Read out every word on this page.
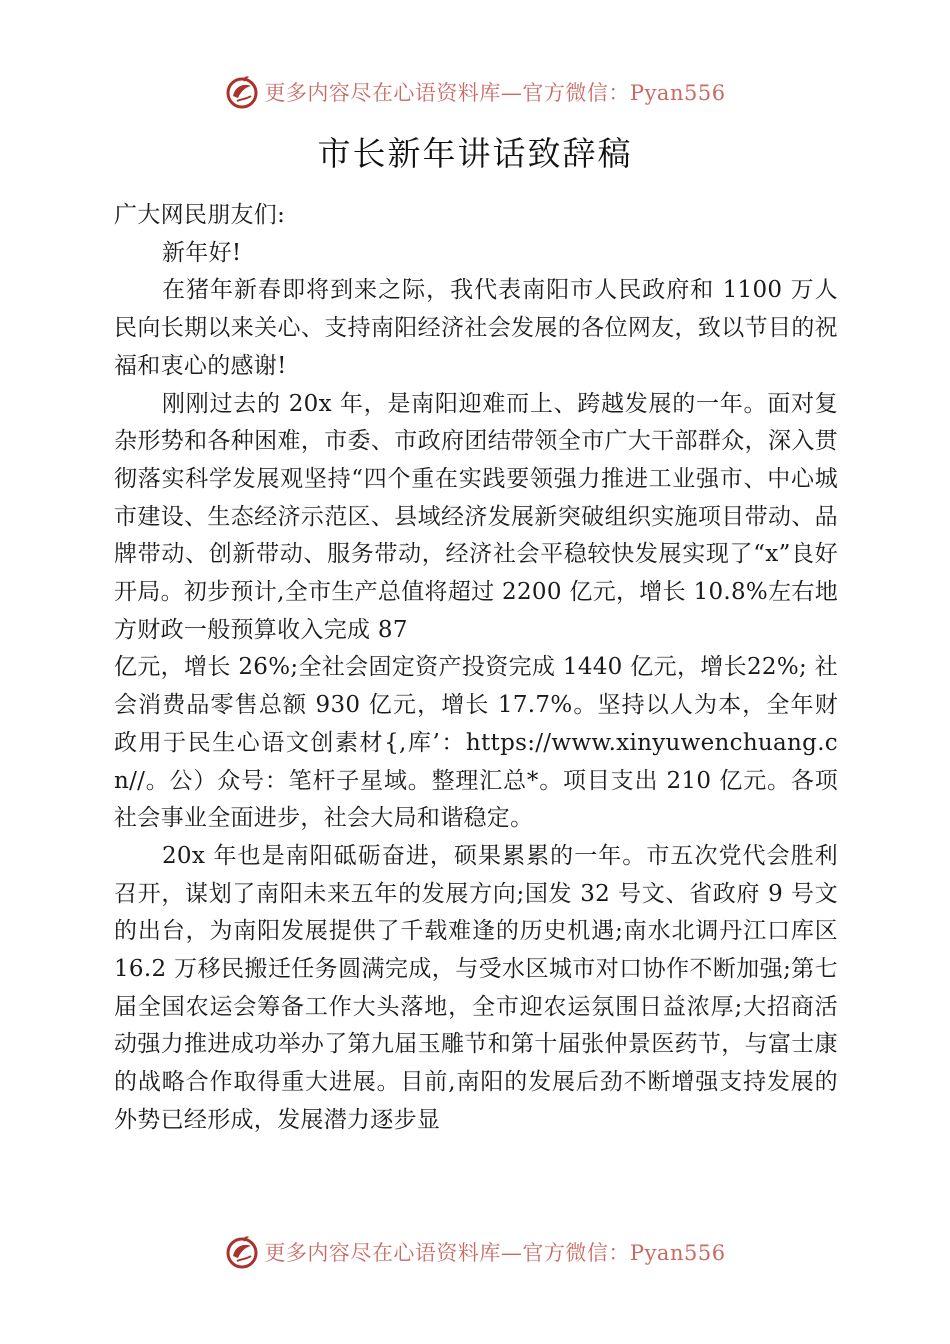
更多内容尽在心语资料库—官方微信：Pyan556
市长新年讲话致辞稿

广大网民朋友们:

新年好!

在猪年新春即将到来之际，我代表南阳市人民政府和 1100 万人民向长期以来关心、支持南阳经济社会发展的各位网友，致以节目的祝福和衷心的感谢!

刚刚过去的 20x 年，是南阳迎难而上、跨越发展的一年。面对复杂形势和各种困难，市委、市政府团结带领全市广大干部群众，深入贯彻落实科学发展观坚持“四个重在实践要领强力推进工业强市、中心城市建设、生态经济示范区、县域经济发展新突破组织实施项目带动、品牌带动、创新带动、服务带动，经济社会平稳较快发展实现了“x”良好开局。初步预计,全市生产总值将超过 2200 亿元，增长 10.8%左右地方财政一般预算收入完成 87

亿元，增长 26%;全社会固定资产投资完成 1440 亿元，增长22%; 社会消费品零售总额 930 亿元，增长 17.7%。坚持以人为本，全年财政用于民生心语文创素材{,库’：https://www.xinyuwenchuang.cn//。公）众号：笔杆子星域。整理汇总*。项目支出 210 亿元。各项社会事业全面进步，社会大局和谐稳定。

20x 年也是南阳砥砺奋进，硕果累累的一年。市五次党代会胜利召开，谋划了南阳未来五年的发展方向;国发 32 号文、省政府 9 号文的出台，为南阳发展提供了千载难逢的历史机遇;南水北调丹江口库区 16.2 万移民搬迁任务圆满完成，与受水区城市对口协作不断加强;第七届全国农运会筹备工作大头落地，全市迎农运氛围日益浓厚;大招商活动强力推进成功举办了第九届玉雕节和第十届张仲景医药节，与富士康的战略合作取得重大进展。目前,南阳的发展后劲不断增强支持发展的外势已经形成，发展潜力逐步显

更多内容尽在心语资料库—官方微信：Pyan556
